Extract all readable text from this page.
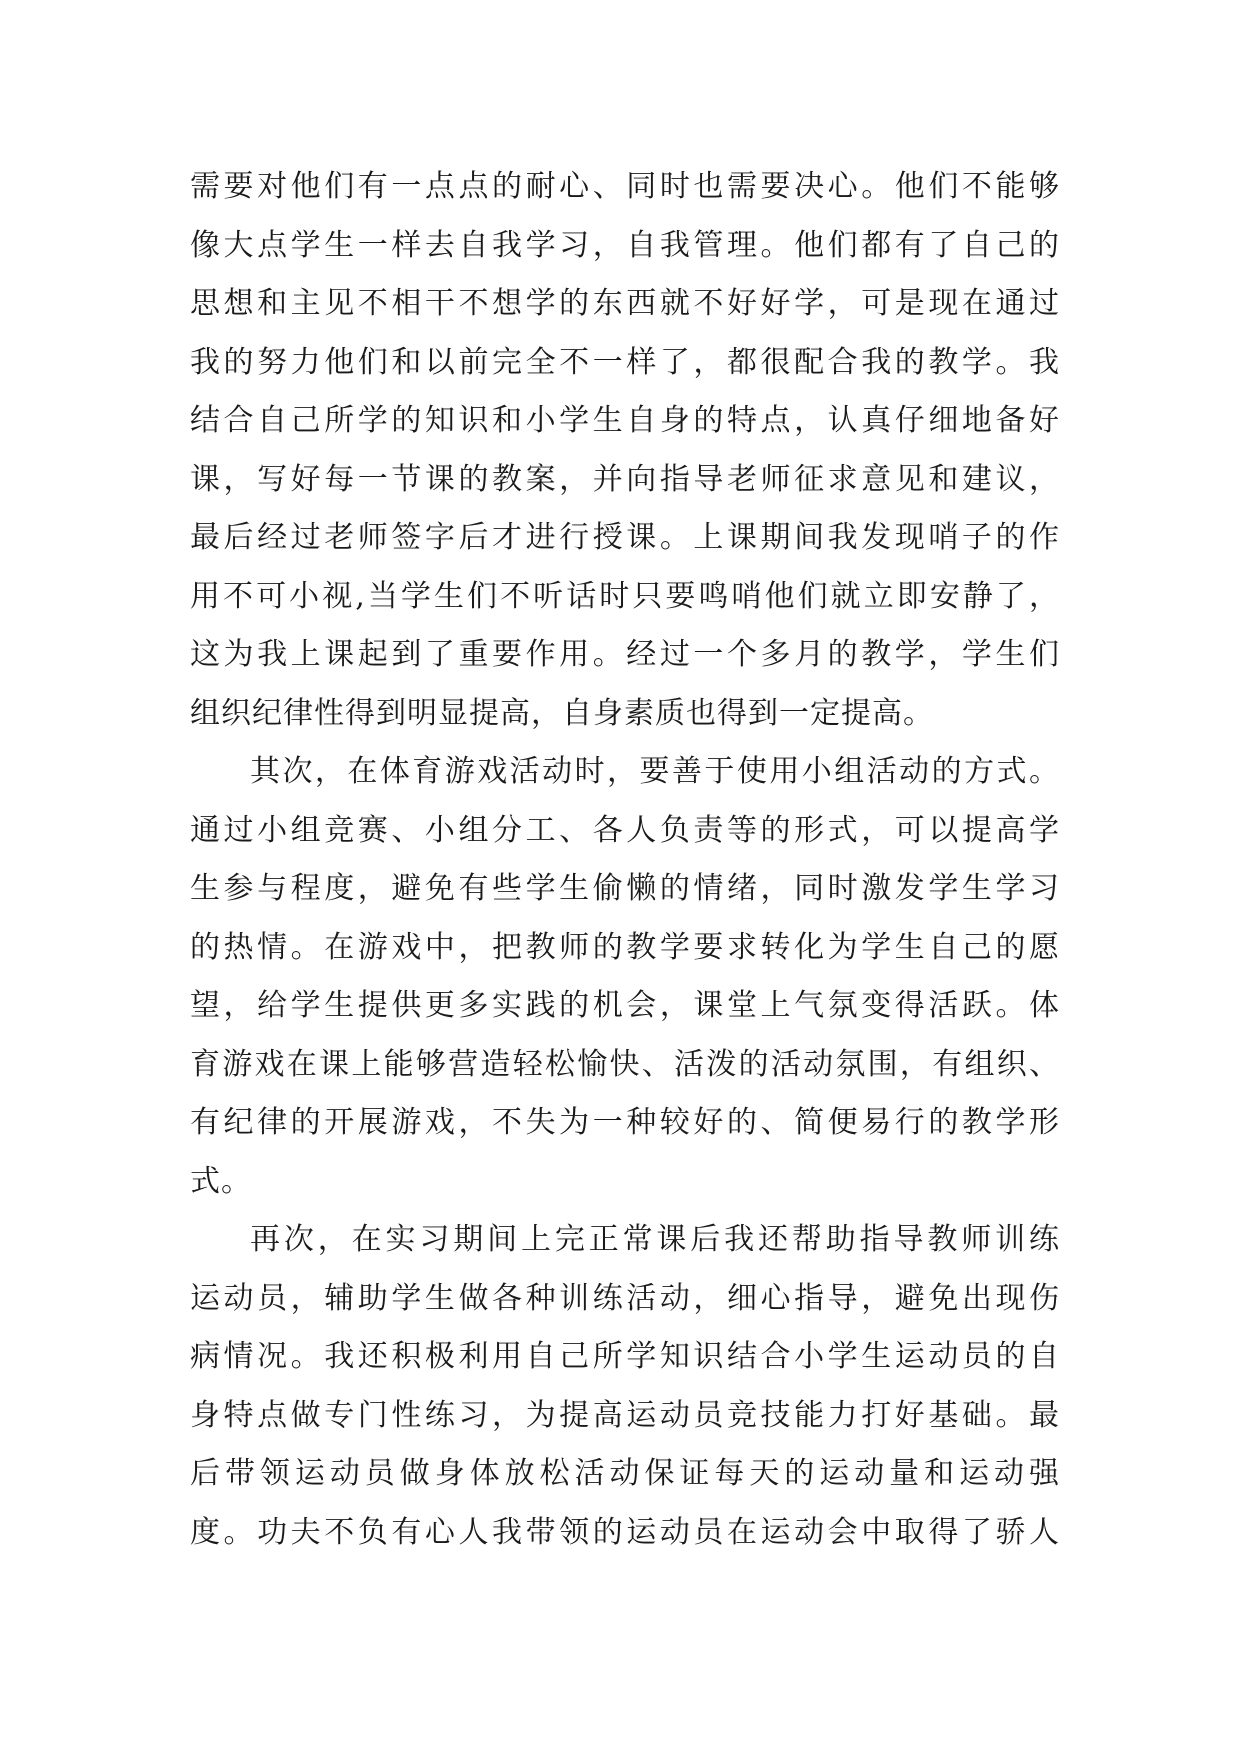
需要对他们有一点点的耐心、同时也需要决心。他们不能够
像大点学生一样去自我学习，自我管理。他们都有了自己的
思想和主见不相干不想学的东西就不好好学，可是现在通过
我的努力他们和以前完全不一样了，都很配合我的教学。我
结合自己所学的知识和小学生自身的特点，认真仔细地备好
课，写好每一节课的教案，并向指导老师征求意见和建议，
最后经过老师签字后才进行授课。上课期间我发现哨子的作
用不可小视,当学生们不听话时只要鸣哨他们就立即安静了，
这为我上课起到了重要作用。经过一个多月的教学，学生们
组织纪律性得到明显提高，自身素质也得到一定提高。
其次，在体育游戏活动时，要善于使用小组活动的方式。
通过小组竞赛、小组分工、各人负责等的形式，可以提高学
生参与程度，避免有些学生偷懒的情绪，同时激发学生学习
的热情。在游戏中，把教师的教学要求转化为学生自己的愿
望，给学生提供更多实践的机会，课堂上气氛变得活跃。体
育游戏在课上能够营造轻松愉快、活泼的活动氛围，有组织、
有纪律的开展游戏，不失为一种较好的、简便易行的教学形
式。
再次，在实习期间上完正常课后我还帮助指导教师训练
运动员，辅助学生做各种训练活动，细心指导，避免出现伤
病情况。我还积极利用自己所学知识结合小学生运动员的自
身特点做专门性练习，为提高运动员竞技能力打好基础。最
后带领运动员做身体放松活动保证每天的运动量和运动强
度。功夫不负有心人我带领的运动员在运动会中取得了骄人
